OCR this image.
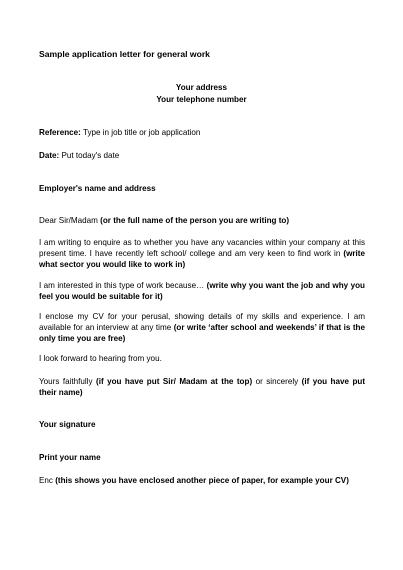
Sample application letter for general work
Your address
Your telephone number
Reference: Type in job title or job application
Date: Put today's date
Employer's name and address
Dear Sir/Madam (or the full name of the person you are writing to)
I am writing to enquire as to whether you have any vacancies within your company at this present time. I have recently left school/ college and am very keen to find work in (write what sector you would like to work in)
I am interested in this type of work because… (write why you want the job and why you feel you would be suitable for it)
I enclose my CV for your perusal, showing details of my skills and experience. I am available for an interview at any time (or write ‘after school and weekends’ if that is the only time you are free)
I look forward to hearing from you.
Yours faithfully (if you have put Sir/ Madam at the top) or sincerely (if you have put their name)
Your signature
Print your name
Enc (this shows you have enclosed another piece of paper, for example your CV)
